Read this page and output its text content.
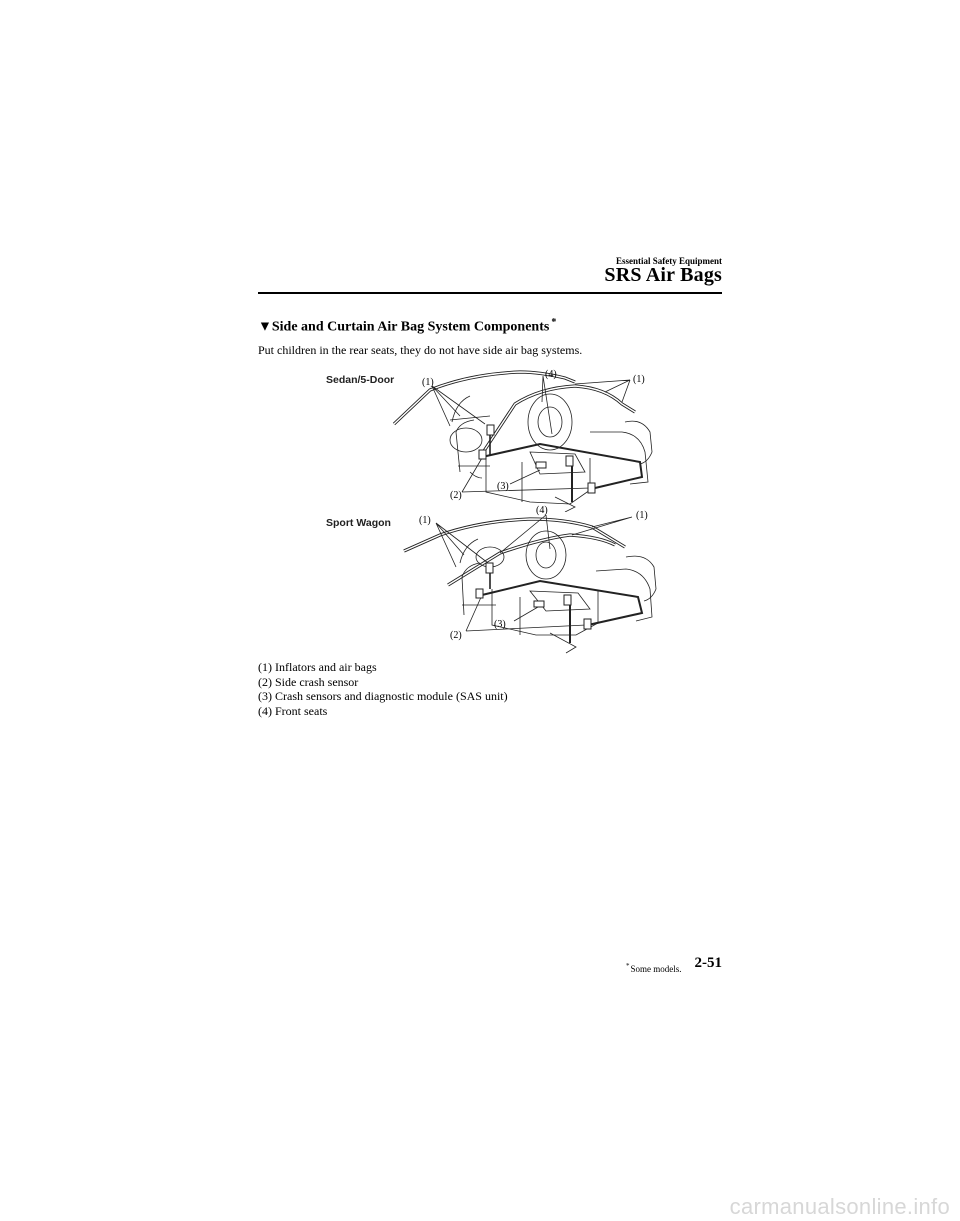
Essential Safety Equipment
SRS Air Bags
▼Side and Curtain Air Bag System Components *
Put children in the rear seats, they do not have side air bag systems.
Sedan/5-Door	(1)
(4)	(1)
(2)
(3)
Sport Wagon	(1)
(4)	(1)
(2)
(3)
(1) Inflators and air bags
(2) Side crash sensor
(3) Crash sensors and diagnostic module (SAS unit)
(4) Front seats
*Some models. 2-51
carmanualsonline.info
